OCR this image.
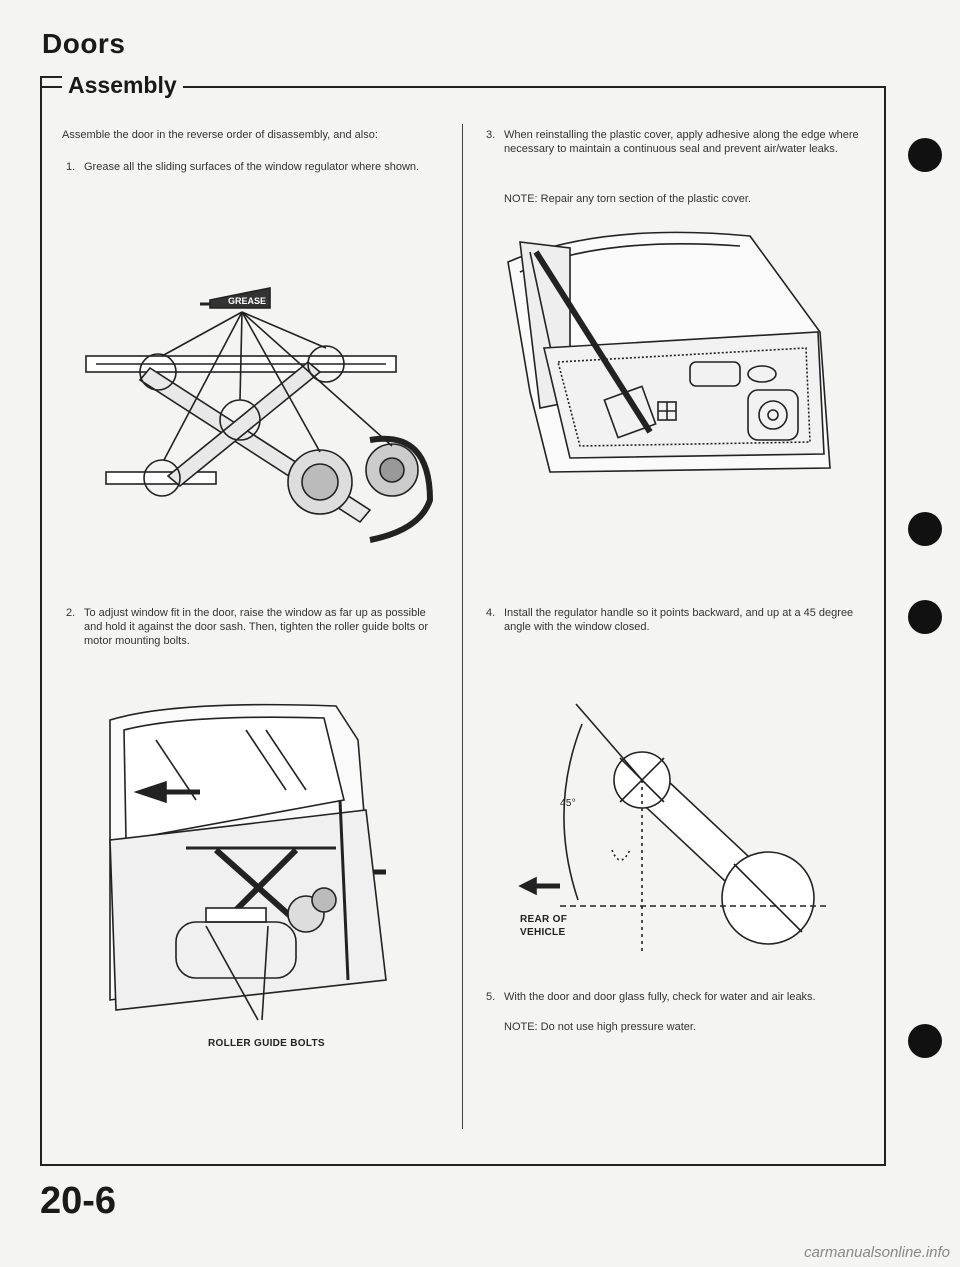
Doors
Assembly
Assemble the door in the reverse order of disassembly, and also:
1. Grease all the sliding surfaces of the window regulator where shown.
GREASE
2. To adjust window fit in the door, raise the window as far up as possible and hold it against the door sash. Then, tighten the roller guide bolts or motor mounting bolts.
ROLLER GUIDE BOLTS
3. When reinstalling the plastic cover, apply adhesive along the edge where necessary to maintain a continuous seal and prevent air/water leaks.
NOTE: Repair any torn section of the plastic cover.
4. Install the regulator handle so it points backward, and up at a 45 degree angle with the window closed.
45°
REAR OF
VEHICLE
5. With the door and door glass fully, check for water and air leaks.
NOTE: Do not use high pressure water.
20-6
carmanualsonline.info
